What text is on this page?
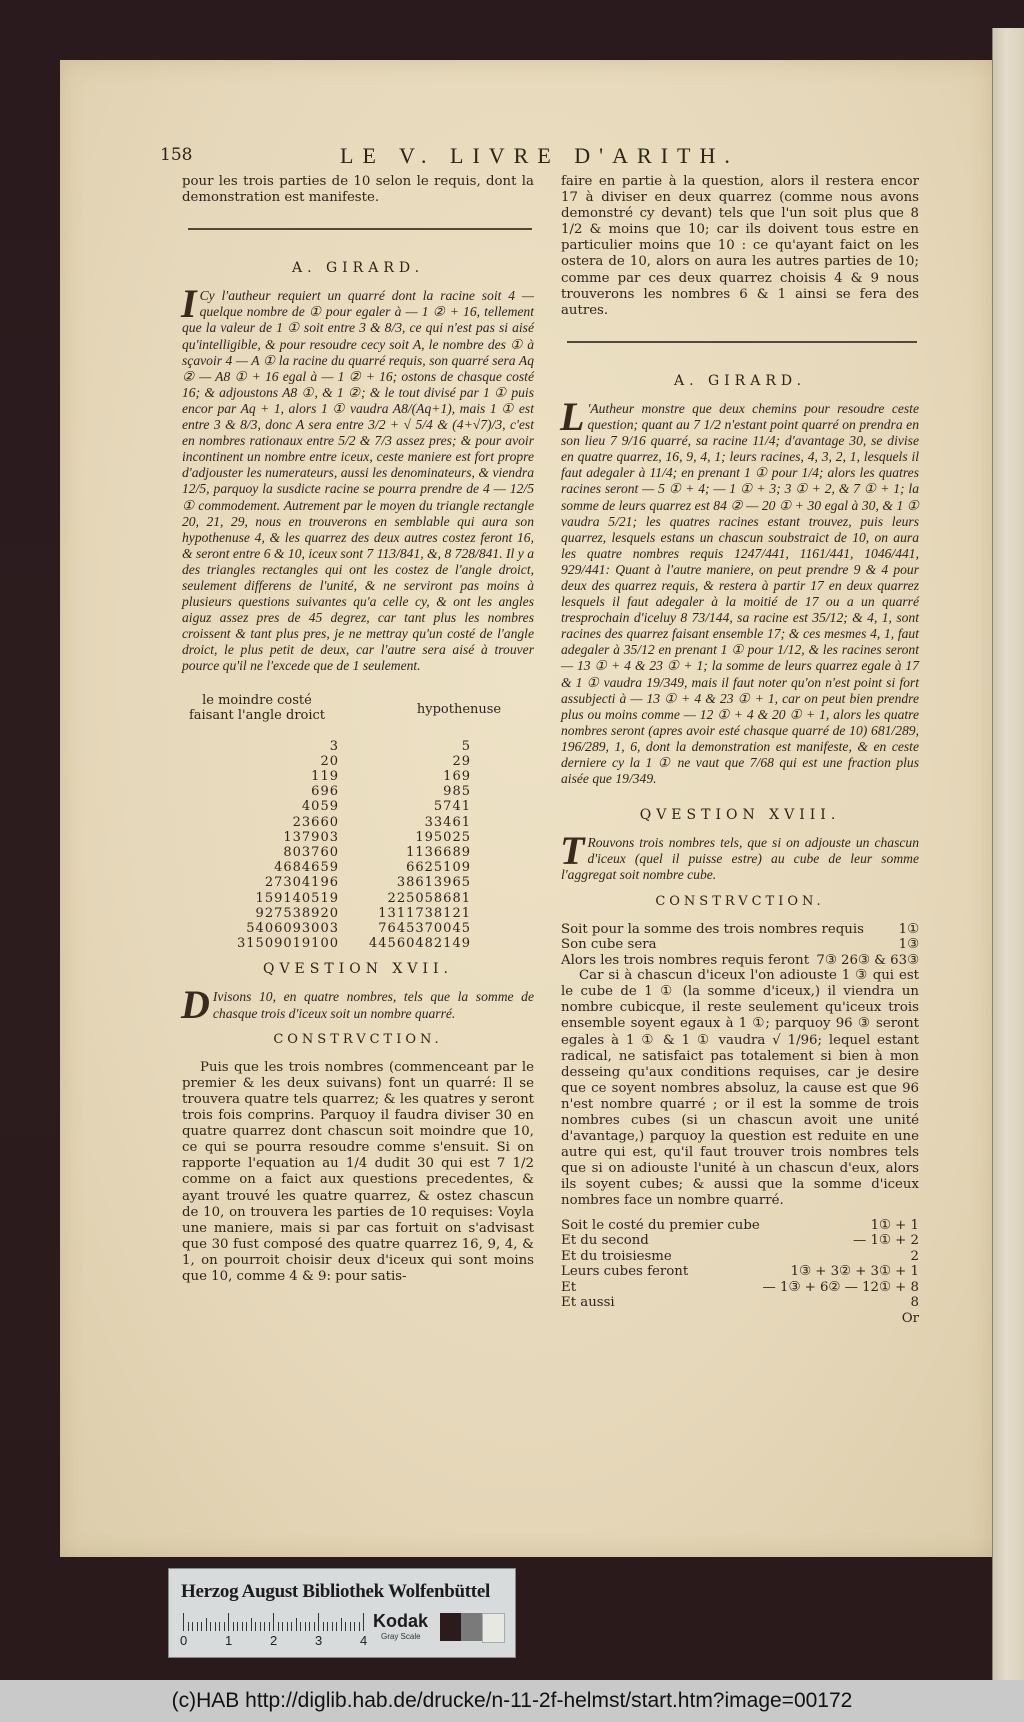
158	LE V. LIVRE D'ARITH.

pour les trois parties de 10 selon le requis, dont la demonstration est manifeste.

A. GIRARD.
I Cy l'autheur requiert un quarré dont la racine soit 4 — quelque nombre de ① pour egaler à — 1 ② + 16, tellement que la valeur de 1 ① soit entre 3 & 8/3, ce qui n'est pas si aisé qu'intelligible, & pour resoudre cecy soit A, le nombre des ① à sçavoir 4 — A ① la racine du quarré requis, son quarré sera Aq ② — A8 ① + 16 egal à — 1 ② + 16; ostons de chasque costé 16; & adjoustons A8 ①, & 1 ②; & le tout divisé par 1 ① puis encor par Aq + 1, alors 1 ① vaudra A8/(Aq+1), mais 1 ① est entre 3 & 8/3, donc A sera entre 3/2 + √ 5/4 & (4+√7)/3, c'est en nombres rationaux entre 5/2 & 7/3 assez pres; & pour avoir incontinent un nombre entre iceux, ceste maniere est fort propre d'adjouster les numerateurs, aussi les denominateurs, & viendra 12/5, parquoy la susdicte racine se pourra prendre de 4 — 12/5 ① commodement. Autrement par le moyen du triangle rectangle 20, 21, 29, nous en trouverons en semblable qui aura son hypothenuse 4, & les quarrez des deux autres costez feront 16, & seront entre 6 & 10, iceux sont 7 113/841, &, 8 728/841. Il y a des triangles rectangles qui ont les costez de l'angle droict, seulement differens de l'unité, & ne serviront pas moins à plusieurs questions suivantes qu'a celle cy, & ont les angles aiguz assez pres de 45 degrez, car tant plus les nombres croissent & tant plus pres, je ne mettray qu'un costé de l'angle droict, le plus petit de deux, car l'autre sera aisé à trouver pource qu'il ne l'excede que de 1 seulement.
le moindre costé faisant l'angle droict	hypothenuse
3	5
20	29
119	169
696	985
4059	5741
23660	33461
137903	195025
803760	1136689
4684659	6625109
27304196	38613965
159140519	225058681
927538920	1311738121
5406093003	7645370045
31509019100	44560482149
QVESTION XVII.
D Ivisons 10, en quatre nombres, tels que la somme de chasque trois d'iceux soit un nombre quarré.
CONSTRVCTION.

Puis que les trois nombres (commenceant par le premier & les deux suivans) font un quarré: Il se trouvera quatre tels quarrez; & les quatres y seront trois fois comprins. Parquoy il faudra diviser 30 en quatre quarrez dont chascun soit moindre que 10, ce qui se pourra resoudre comme s'ensuit. Si on rapporte l'equation au 1/4 dudit 30 qui est 7 1/2 comme on a faict aux questions precedentes, & ayant trouvé les quatre quarrez, & ostez chascun de 10, on trouvera les parties de 10 requises: Voyla une maniere, mais si par cas fortuit on s'advisast que 30 fust composé des quatre quarrez 16, 9, 4, & 1, on pourroit choisir deux d'iceux qui sont moins que 10, comme 4 & 9: pour satis-

faire en partie à la question, alors il restera encor 17 à diviser en deux quarrez (comme nous avons demonstré cy devant) tels que l'un soit plus que 8 1/2 & moins que 10; car ils doivent tous estre en particulier moins que 10 : ce qu'ayant faict on les ostera de 10, alors on aura les autres parties de 10; comme par ces deux quarrez choisis 4 & 9 nous trouverons les nombres 6 & 1 ainsi se fera des autres.

A. GIRARD.
L 'Autheur monstre que deux chemins pour resoudre ceste question; quant au 7 1/2 n'estant point quarré on prendra en son lieu 7 9/16 quarré, sa racine 11/4; d'avantage 30, se divise en quatre quarrez, 16, 9, 4, 1; leurs racines, 4, 3, 2, 1, lesquels il faut adegaler à 11/4; en prenant 1 ① pour 1/4; alors les quatres racines seront — 5 ① + 4; — 1 ① + 3; 3 ① + 2, & 7 ① + 1; la somme de leurs quarrez est 84 ② — 20 ① + 30 egal à 30, & 1 ① vaudra 5/21; les quatres racines estant trouvez, puis leurs quarrez, lesquels estans un chascun soubstraict de 10, on aura les quatre nombres requis 1247/441, 1161/441, 1046/441, 929/441: Quant à l'autre maniere, on peut prendre 9 & 4 pour deux des quarrez requis, & restera à partir 17 en deux quarrez lesquels il faut adegaler à la moitié de 17 ou a un quarré tresprochain d'iceluy 8 73/144, sa racine est 35/12; & 4, 1, sont racines des quarrez faisant ensemble 17; & ces mesmes 4, 1, faut adegaler à 35/12 en prenant 1 ① pour 1/12, & les racines seront — 13 ① + 4 & 23 ① + 1; la somme de leurs quarrez egale à 17 & 1 ① vaudra 19/349, mais il faut noter qu'on n'est point si fort assubjecti à — 13 ① + 4 & 23 ① + 1, car on peut bien prendre plus ou moins comme — 12 ① + 4 & 20 ① + 1, alors les quatre nombres seront (apres avoir esté chasque quarré de 10) 681/289, 196/289, 1, 6, dont la demonstration est manifeste, & en ceste derniere cy la 1 ① ne vaut que 7/68 qui est une fraction plus aisée que 19/349.
QVESTION XVIII.
T Rouvons trois nombres tels, que si on adjouste un chascun d'iceux (quel il puisse estre) au cube de leur somme l'aggregat soit nombre cube.
CONSTRVCTION.
Soit pour la somme des trois nombres requis	1①
Son cube sera	1③
Alors les trois nombres requis feront 7③ 26③ & 63③

Car si à chascun d'iceux l'on adiouste 1 ③ qui est le cube de 1 ① (la somme d'iceux,) il viendra un nombre cubicque, il reste seulement qu'iceux trois ensemble soyent egaux à 1 ①; parquoy 96 ③ seront egales à 1 ① & 1 ① vaudra √ 1/96; lequel estant radical, ne satisfaict pas totalement si bien à mon desseing qu'aux conditions requises, car je desire que ce soyent nombres absoluz, la cause est que 96 n'est nombre quarré ; or il est la somme de trois nombres cubes (si un chascun avoit une unité d'avantage,) parquoy la question est reduite en une autre qui est, qu'il faut trouver trois nombres tels que si on adiouste l'unité à un chascun d'eux, alors ils soyent cubes; & aussi que la somme d'iceux nombres face un nombre quarré.

Soit le costé du premier cube	1① + 1
Et du second	— 1① + 2
Et du troisiesme	2
Leurs cubes feront	1③ + 3② + 3① + 1
Et	— 1③ + 6② — 12① + 8
Et aussi	8
Or
Herzog August Bibliothek Wolfenbüttel
0	1	2	3	4
Kodak
Gray Scale
(c)HAB http://diglib.hab.de/drucke/n-11-2f-helmst/start.htm?image=00172
